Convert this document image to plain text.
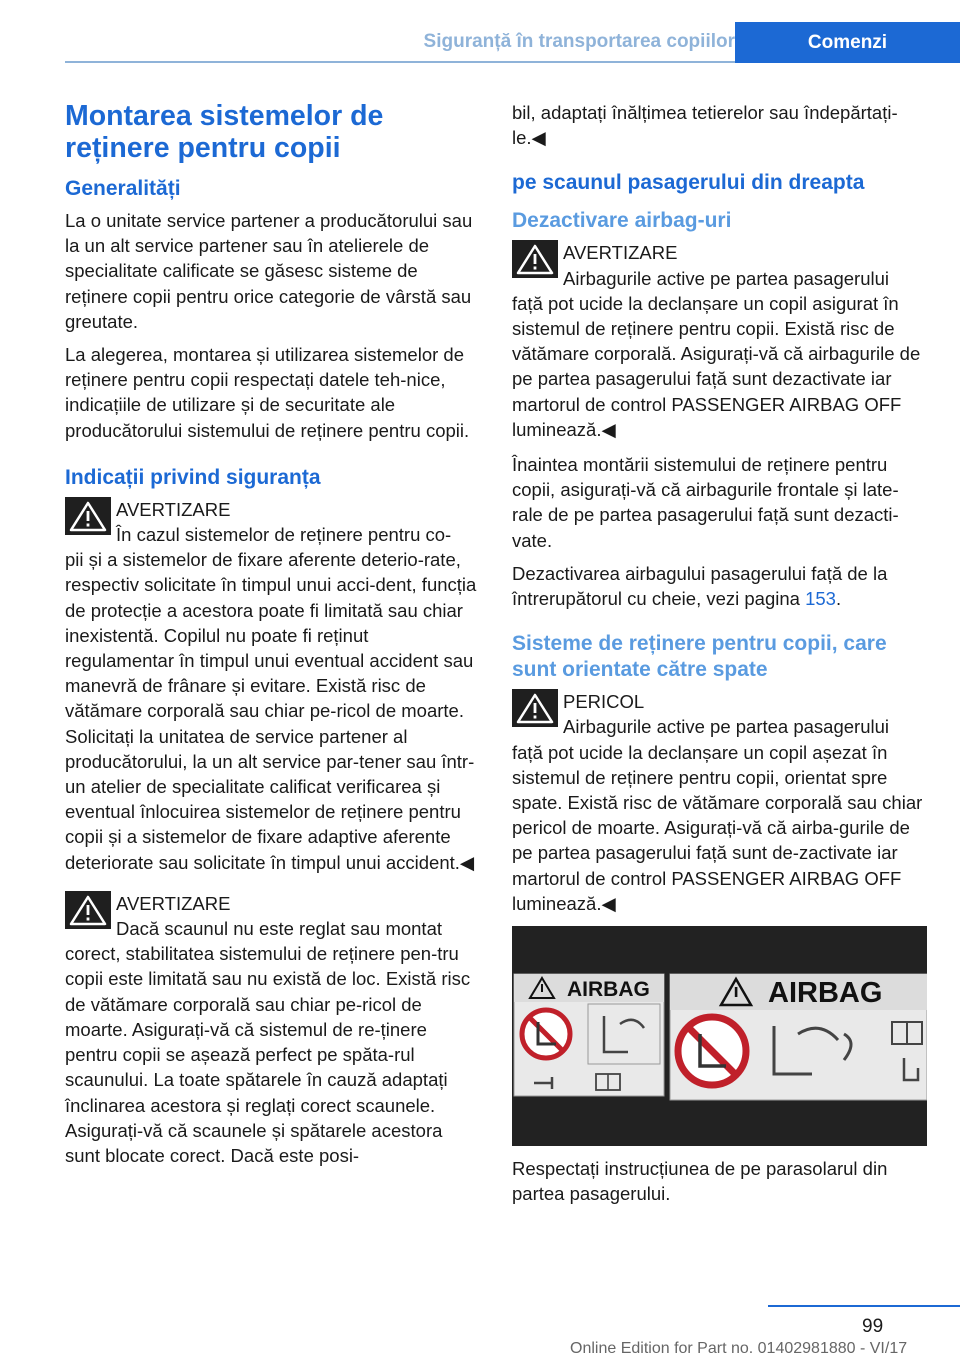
Siguranță în transportarea copiilor	Comenzi
Montarea sistemelor de reținere pentru copii
Generalități

La o unitate service partener a producătorului sau la un alt service partener sau în atelierele de specialitate calificate se găsesc sisteme de reținere copii pentru orice categorie de vârstă sau greutate.

La alegerea, montarea și utilizarea sistemelor de reținere pentru copii respectați datele teh‐nice, indicațiile de utilizare și de securitate ale producătorului sistemului de reținere pentru copii.

Indicații privind siguranța
AVERTIZARE
În cazul sistemelor de reținere pentru co‐

pii și a sistemelor de fixare aferente deterio‐rate, respectiv solicitate în timpul unui acci‐dent, funcția de protecție a acestora poate fi limitată sau chiar inexistentă. Copilul nu poate fi reținut regulamentar în timpul unui eventual accident sau manevră de frânare și evitare. Există risc de vătămare corporală sau chiar pe‐ricol de moarte. Solicitați la unitatea de service partener al producătorului, la un alt service par‐tener sau într‐un atelier de specialitate calificat verificarea și eventual înlocuirea sistemelor de reținere pentru copii și a sistemelor de fixare adaptive aferente deteriorate sau solicitate în timpul unui accident.◀

AVERTIZARE
Dacă scaunul nu este reglat sau montat

corect, stabilitatea sistemului de reținere pen‐tru copii este limitată sau nu există de loc. Există risc de vătămare corporală sau chiar pe‐ricol de moarte. Asigurați‐vă că sistemul de re‐ținere pentru copii se așează perfect pe spăta‐rul scaunului. La toate spătarele în cauză adaptați înclinarea acestora și reglați corect scaunele. Asigurați‐vă că scaunele și spătarele acestora sunt blocate corect. Dacă este posi‐

bil, adaptați înălțimea tetierelor sau îndepărtați‐le.◀

pe scaunul pasagerului din dreapta
Dezactivare airbag‐uri
AVERTIZARE
Airbagurile active pe partea pasagerului

față pot ucide la declanșare un copil asigurat în sistemul de reținere pentru copii. Există risc de vătămare corporală. Asigurați‐vă că airbagurile de pe partea pasagerului față sunt dezactivate iar martorul de control PASSENGER AIRBAG OFF luminează.◀

Înaintea montării sistemului de reținere pentru copii, asigurați‐vă că airbagurile frontale și late‐rale de pe partea pasagerului față sunt dezacti‐vate.

Dezactivarea airbagului pasagerului față de la întrerupătorul cu cheie, vezi pagina 153.

Sisteme de reținere pentru copii, care sunt orientate către spate
PERICOL
Airbagurile active pe partea pasagerului

față pot ucide la declanșare un copil așezat în sistemul de reținere pentru copii, orientat spre spate. Există risc de vătămare corporală sau chiar pericol de moarte. Asigurați‐vă că airba‐gurile de pe partea pasagerului față sunt de‐zactivate iar martorul de control PASSENGER AIRBAG OFF luminează.◀

AIRBAG	AIRBAG

Respectați instrucțiunea de pe parasolarul din partea pasagerului.

99
Online Edition for Part no. 01402981880 - VI/17
